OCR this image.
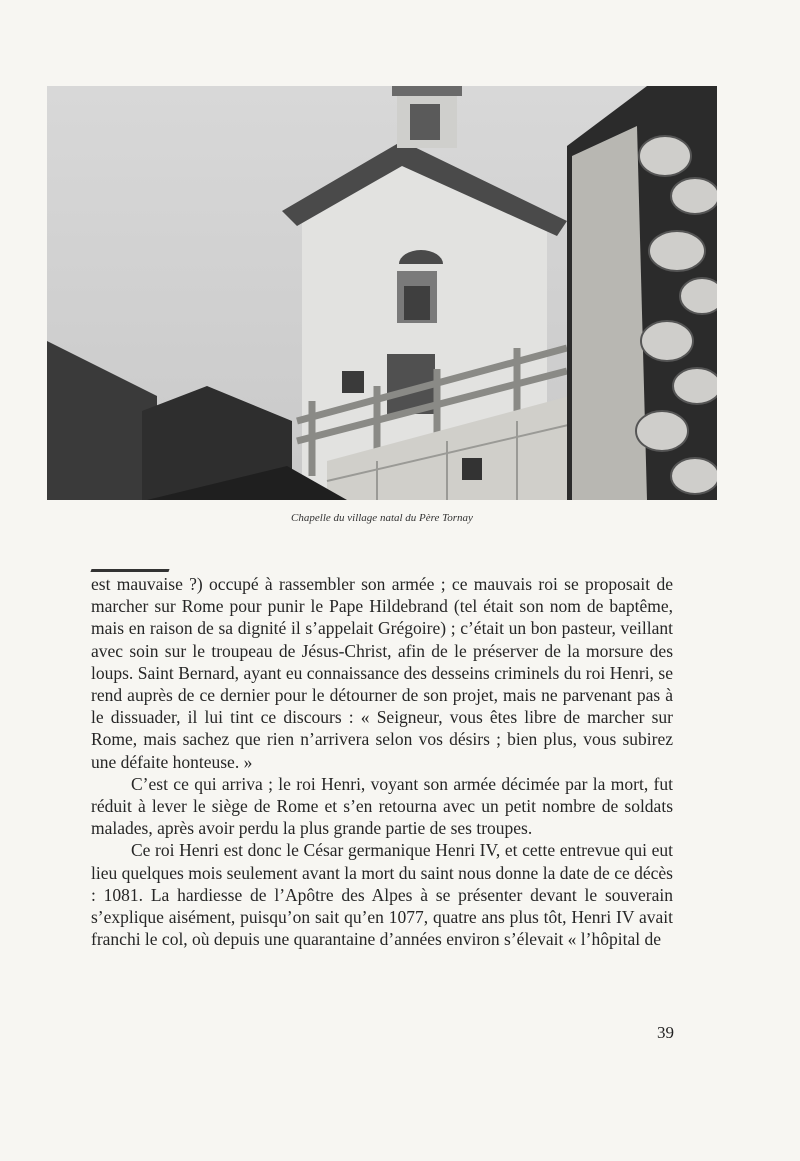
Chapelle du village natal du Père Tornay

est mauvaise ?) occupé à rassembler son armée ; ce mauvais roi se proposait de marcher sur Rome pour punir le Pape Hildebrand (tel était son nom de baptême, mais en raison de sa dignité il s’appelait Grégoire) ; c’était un bon pasteur, veillant avec soin sur le troupeau de Jésus-Christ, afin de le préserver de la morsure des loups. Saint Bernard, ayant eu connaissance des desseins criminels du roi Henri, se rend auprès de ce dernier pour le détourner de son projet, mais ne parvenant pas à le dissuader, il lui tint ce discours : « Seigneur, vous êtes libre de marcher sur Rome, mais sachez que rien n’arrivera selon vos désirs ; bien plus, vous subirez une défaite honteuse. »

C’est ce qui arriva ; le roi Henri, voyant son armée décimée par la mort, fut réduit à lever le siège de Rome et s’en retourna avec un petit nombre de soldats malades, après avoir perdu la plus grande partie de ses troupes.

Ce roi Henri est donc le César germanique Henri IV, et cette entrevue qui eut lieu quelques mois seulement avant la mort du saint nous donne la date de ce décès : 1081. La hardiesse de l’Apôtre des Alpes à se présenter devant le souverain s’explique aisément, puisqu’on sait qu’en 1077, quatre ans plus tôt, Henri IV avait franchi le col, où depuis une quarantaine d’années environ s’élevait « l’hôpital de

39
